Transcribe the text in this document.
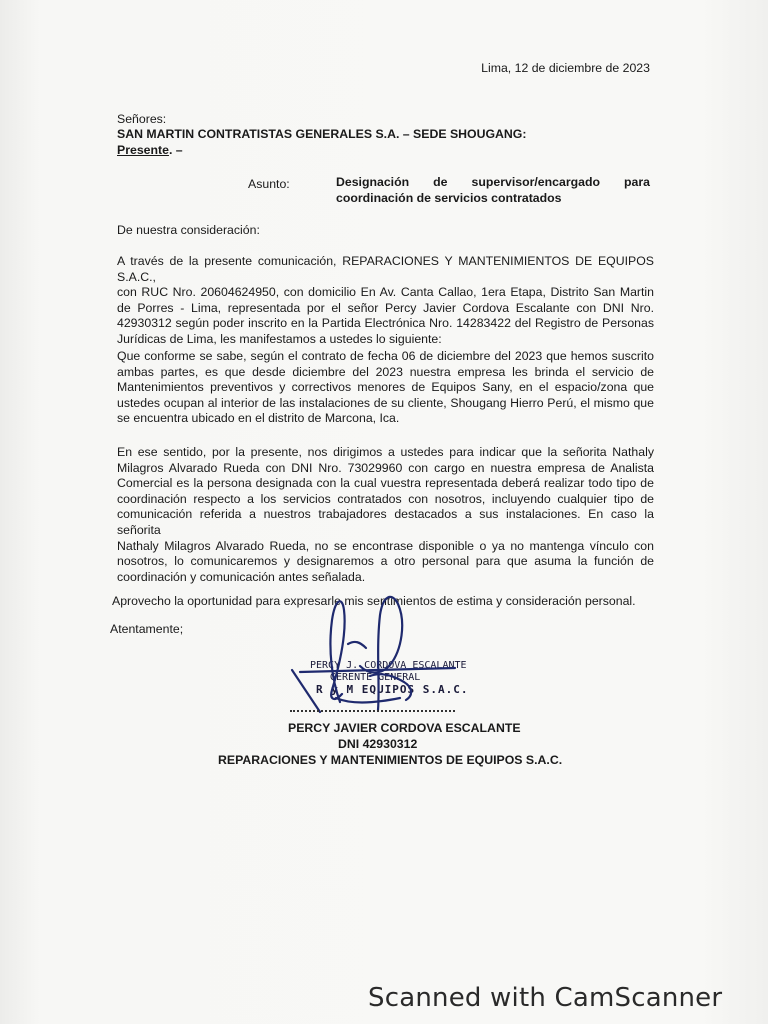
Lima, 12 de diciembre de 2023
Señores:
SAN MARTIN CONTRATISTAS GENERALES S.A. – SEDE SHOUGANG:
Presente. –
Asunto:	Designación de supervisor/encargado para
coordinación de servicios contratados
De nuestra consideración:
A través de la presente comunicación, REPARACIONES Y MANTENIMIENTOS DE EQUIPOS S.A.C.,
con RUC Nro. 20604624950, con domicilio En Av. Canta Callao, 1era Etapa, Distrito San Martin
de Porres - Lima, representada por el señor Percy Javier Cordova Escalante con DNI Nro.
42930312 según poder inscrito en la Partida Electrónica Nro. 14283422 del Registro de Personas
Jurídicas de Lima, les manifestamos a ustedes lo siguiente:
Que conforme se sabe, según el contrato de fecha 06 de diciembre del 2023 que hemos suscrito
ambas partes, es que desde diciembre del 2023 nuestra empresa les brinda el servicio de
Mantenimientos preventivos y correctivos menores de Equipos Sany, en el espacio/zona que
ustedes ocupan al interior de las instalaciones de su cliente, Shougang Hierro Perú, el mismo que
se encuentra ubicado en el distrito de Marcona, Ica.
En ese sentido, por la presente, nos dirigimos a ustedes para indicar que la señorita Nathaly
Milagros Alvarado Rueda con DNI Nro. 73029960 con cargo en nuestra empresa de Analista
Comercial es la persona designada con la cual vuestra representada deberá realizar todo tipo de
coordinación respecto a los servicios contratados con nosotros, incluyendo cualquier tipo de
comunicación referida a nuestros trabajadores destacados a sus instalaciones. En caso la señorita
Nathaly Milagros Alvarado Rueda, no se encontrase disponible o ya no mantenga vínculo con
nosotros, lo comunicaremos y designaremos a otro personal para que asuma la función de
coordinación y comunicación antes señalada.
Aprovecho la oportunidad para expresarle mis sentimientos de estima y consideración personal.
Atentamente;
PERCY J. CORDOVA ESCALANTE
GERENTE GENERAL
R y M EQUIPOS S.A.C.
PERCY JAVIER CORDOVA ESCALANTE
DNI 42930312
REPARACIONES Y MANTENIMIENTOS DE EQUIPOS S.A.C.
Scanned with CamScanner
